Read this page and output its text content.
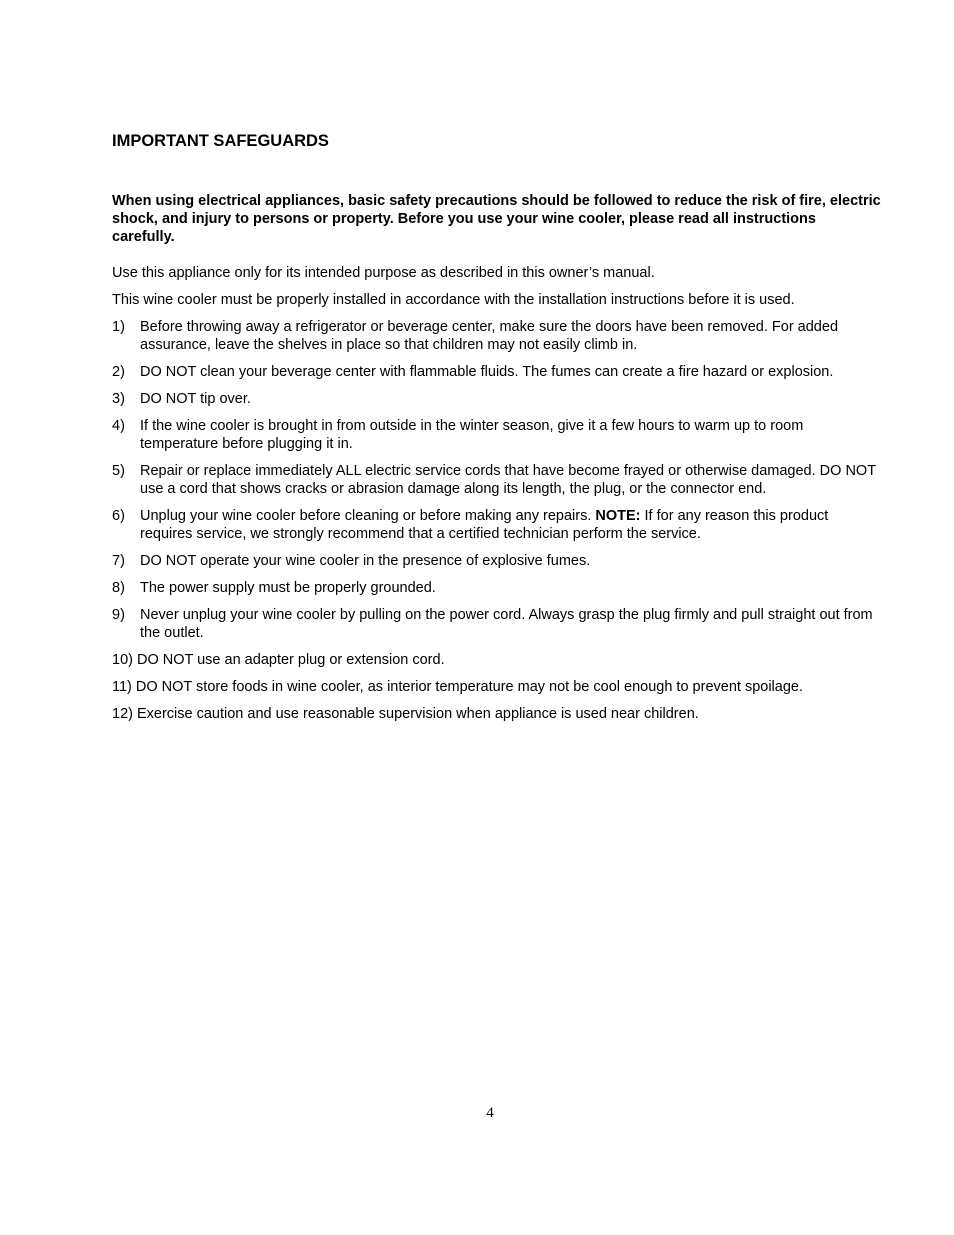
IMPORTANT SAFEGUARDS

When using electrical appliances, basic safety precautions should be followed to reduce the risk of fire, electric shock, and injury to persons or property. Before you use your wine cooler, please read all instructions carefully.

Use this appliance only for its intended purpose as described in this owner’s manual.

This wine cooler must be properly installed in accordance with the installation instructions before it is used.

1) Before throwing away a refrigerator or beverage center, make sure the doors have been removed. For added assurance, leave the shelves in place so that children may not easily climb in.
2) DO NOT clean your beverage center with flammable fluids. The fumes can create a fire hazard or explosion.
3) DO NOT tip over.
4) If the wine cooler is brought in from outside in the winter season, give it a few hours to warm up to room temperature before plugging it in.
5) Repair or replace immediately ALL electric service cords that have become frayed or otherwise damaged. DO NOT use a cord that shows cracks or abrasion damage along its length, the plug, or the connector end.
6) Unplug your wine cooler before cleaning or before making any repairs. NOTE: If for any reason this product requires service, we strongly recommend that a certified technician perform the service.
7) DO NOT operate your wine cooler in the presence of explosive fumes.
8) The power supply must be properly grounded.
9) Never unplug your wine cooler by pulling on the power cord. Always grasp the plug firmly and pull straight out from the outlet.
10) DO NOT use an adapter plug or extension cord.
11) DO NOT store foods in wine cooler, as interior temperature may not be cool enough to prevent spoilage.
12) Exercise caution and use reasonable supervision when appliance is used near children.
4
